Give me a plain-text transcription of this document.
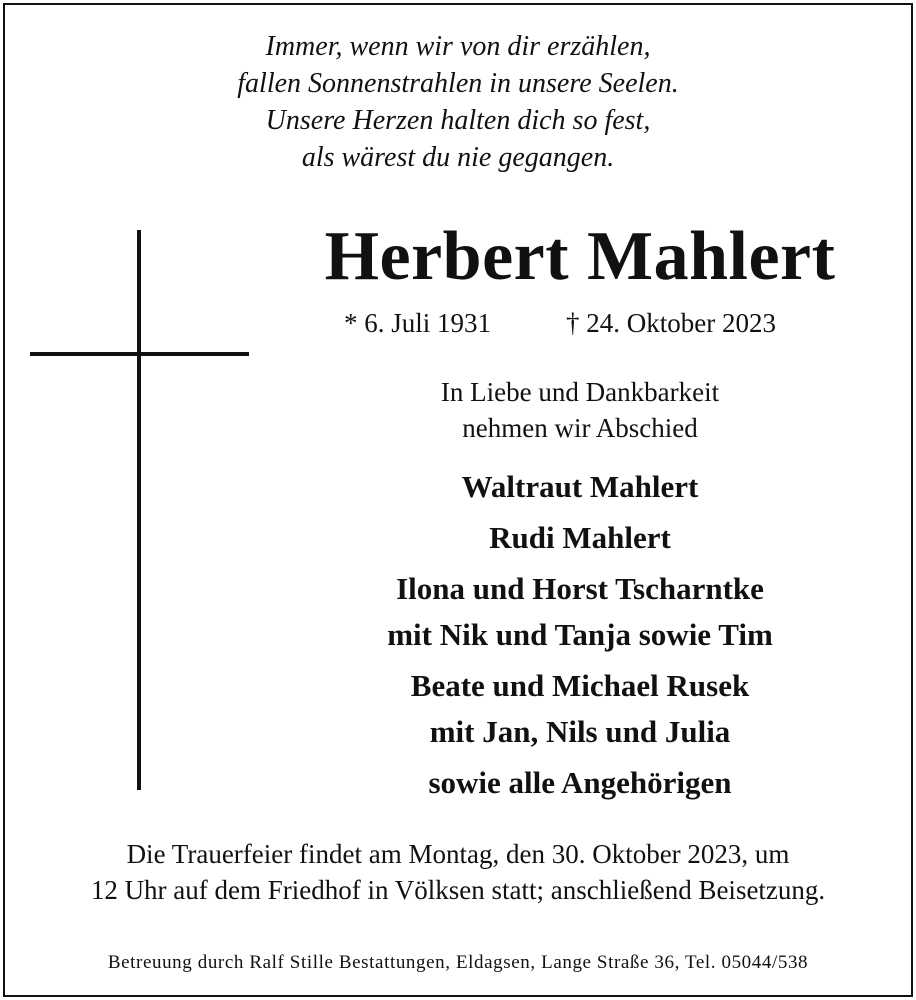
Immer, wenn wir von dir erzählen,
fallen Sonnenstrahlen in unsere Seelen.
Unsere Herzen halten dich so fest,
als wärest du nie gegangen.
Herbert Mahlert
* 6. Juli 1931	† 24. Oktober 2023
In Liebe und Dankbarkeit
nehmen wir Abschied
Waltraut Mahlert
Rudi Mahlert
Ilona und Horst Tscharntke
mit Nik und Tanja sowie Tim
Beate und Michael Rusek
mit Jan, Nils und Julia
sowie alle Angehörigen
Die Trauerfeier findet am Montag, den 30. Oktober 2023, um
12 Uhr auf dem Friedhof in Völksen statt; anschließend Beisetzung.
Betreuung durch Ralf Stille Bestattungen, Eldagsen, Lange Straße 36, Tel. 05044/538
